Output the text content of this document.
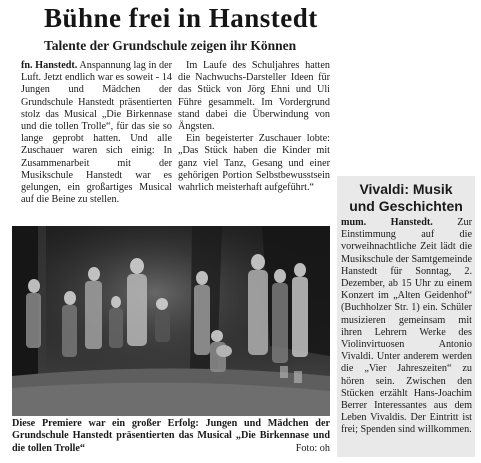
Bühne frei in Hanstedt
Talente der Grundschule zeigen ihr Können

fn. Hanstedt. Anspannung lag in der Luft. Jetzt endlich war es soweit - 14 Jungen und Mädchen der Grundschule Hanstedt präsentierten stolz das Musical „Die Birkennase und die tollen Trolle“, für das sie so lange geprobt hatten. Und alle Zuschauer waren sich einig: In Zusammenarbeit mit der Musikschule Hanstedt war es gelungen, ein großartiges Musical auf die Beine zu stellen.

Im Laufe des Schuljahres hatten die Nachwuchs-Darsteller Ideen für das Stück von Jörg Ehni und Uli Führe gesammelt. Im Vordergrund stand dabei die Überwindung von Ängsten.

Ein begeisterter Zuschauer lobte: „Das Stück haben die Kinder mit ganz viel Tanz, Gesang und einer gehörigen Portion Selbstbewusstsein wahrlich meisterhaft aufgeführt.“

Diese Premiere war ein großer Erfolg: Jungen und Mädchen der Grundschule Hanstedt präsentierten das Musical „Die Birkennase und die tollen Trolle“	Foto: oh
Vivaldi: Musik
und Geschichten

mum. Hanstedt. Zur Einstimmung auf die vorweihnachtliche Zeit lädt die Musikschule der Samtgemeinde Hanstedt für Sonntag, 2. Dezember, ab 15 Uhr zu einem Konzert im „Alten Geidenhof“ (Buchholzer Str. 1) ein. Schüler musizieren gemeinsam mit ihren Lehrern Werke des Violinvirtuosen Antonio Vivaldi. Unter anderem werden die „Vier Jahreszeiten“ zu hören sein. Zwischen den Stücken erzählt Hans-Joachim Berrer Interessantes aus dem Leben Vivaldis. Der Eintritt ist frei; Spenden sind willkommen.
